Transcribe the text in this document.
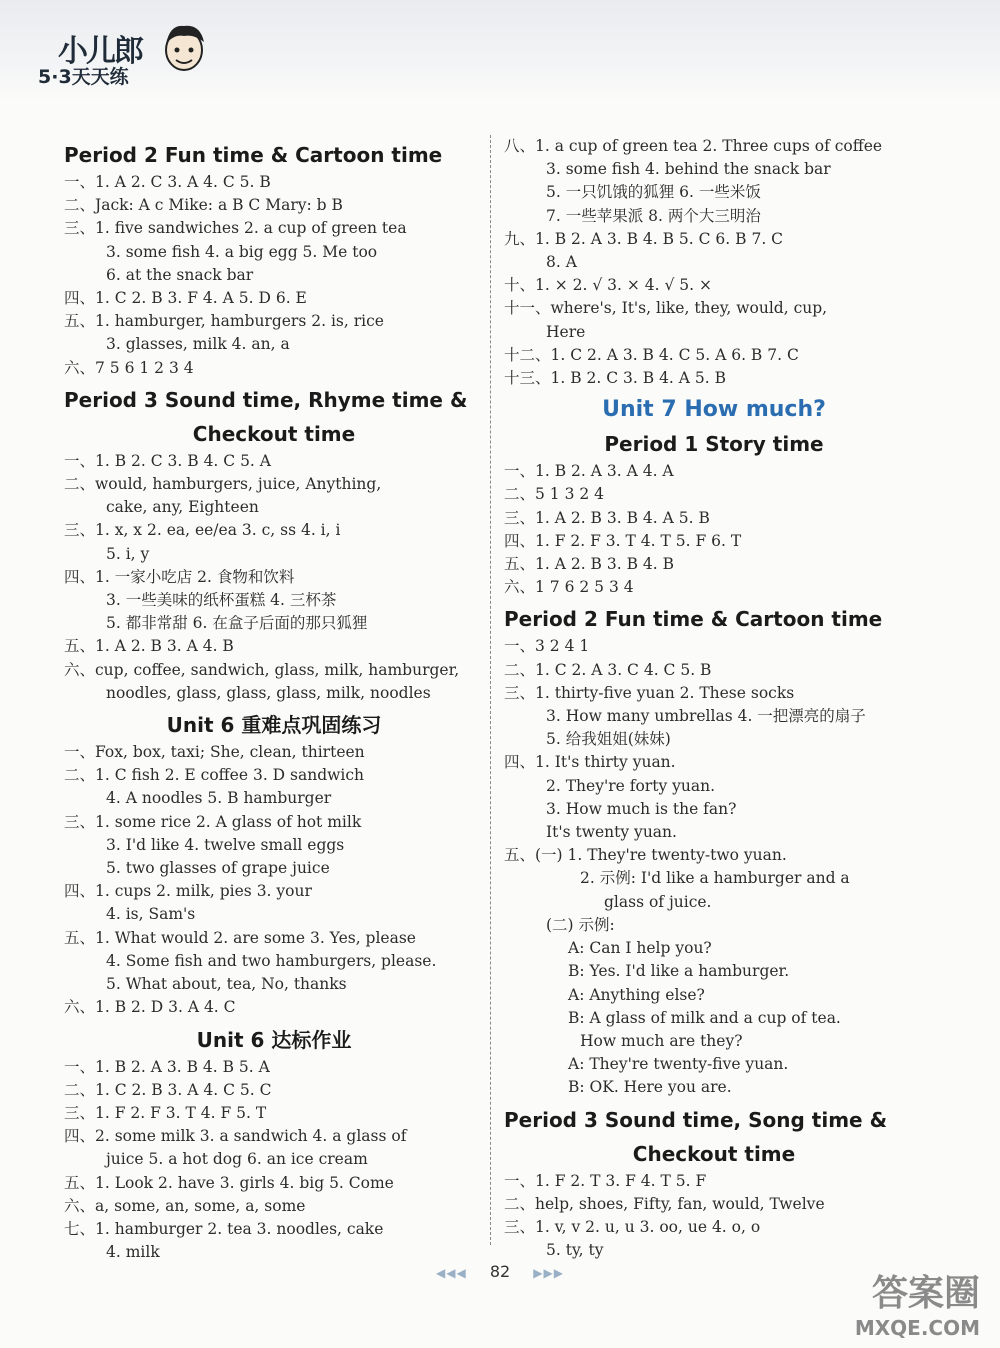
小儿郎
5·3天天练
Period 2 Fun time & Cartoon time
一、1. A 2. C 3. A 4. C 5. B
二、Jack: A c Mike: a B C Mary: b B
三、1. five sandwiches 2. a cup of green tea
3. some fish 4. a big egg 5. Me too
6. at the snack bar
四、1. C 2. B 3. F 4. A 5. D 6. E
五、1. hamburger, hamburgers 2. is, rice
3. glasses, milk 4. an, a
六、7 5 6 1 2 3 4
Period 3 Sound time, Rhyme time &
Checkout time
一、1. B 2. C 3. B 4. C 5. A
二、would, hamburgers, juice, Anything,
cake, any, Eighteen
三、1. x, x 2. ea, ee/ea 3. c, ss 4. i, i
5. i, y
四、1. 一家小吃店 2. 食物和饮料
3. 一些美味的纸杯蛋糕 4. 三杯茶
5. 都非常甜 6. 在盒子后面的那只狐狸
五、1. A 2. B 3. A 4. B
六、cup, coffee, sandwich, glass, milk, hamburger,
noodles, glass, glass, glass, milk, noodles
Unit 6 重难点巩固练习
一、Fox, box, taxi; She, clean, thirteen
二、1. C fish 2. E coffee 3. D sandwich
4. A noodles 5. B hamburger
三、1. some rice 2. A glass of hot milk
3. I'd like 4. twelve small eggs
5. two glasses of grape juice
四、1. cups 2. milk, pies 3. your
4. is, Sam's
五、1. What would 2. are some 3. Yes, please
4. Some fish and two hamburgers, please.
5. What about, tea, No, thanks
六、1. B 2. D 3. A 4. C
Unit 6 达标作业
一、1. B 2. A 3. B 4. B 5. A
二、1. C 2. B 3. A 4. C 5. C
三、1. F 2. F 3. T 4. F 5. T
四、2. some milk 3. a sandwich 4. a glass of
juice 5. a hot dog 6. an ice cream
五、1. Look 2. have 3. girls 4. big 5. Come
六、a, some, an, some, a, some
七、1. hamburger 2. tea 3. noodles, cake
4. milk
八、1. a cup of green tea 2. Three cups of coffee
3. some fish 4. behind the snack bar
5. 一只饥饿的狐狸 6. 一些米饭
7. 一些苹果派 8. 两个大三明治
九、1. B 2. A 3. B 4. B 5. C 6. B 7. C
8. A
十、1. × 2. √ 3. × 4. √ 5. ×
十一、where's, It's, like, they, would, cup,
Here
十二、1. C 2. A 3. B 4. C 5. A 6. B 7. C
十三、1. B 2. C 3. B 4. A 5. B
Unit 7 How much?
Period 1 Story time
一、1. B 2. A 3. A 4. A
二、5 1 3 2 4
三、1. A 2. B 3. B 4. A 5. B
四、1. F 2. F 3. T 4. T 5. F 6. T
五、1. A 2. B 3. B 4. B
六、1 7 6 2 5 3 4
Period 2 Fun time & Cartoon time
一、3 2 4 1
二、1. C 2. A 3. C 4. C 5. B
三、1. thirty-five yuan 2. These socks
3. How many umbrellas 4. 一把漂亮的扇子
5. 给我姐姐(妹妹)
四、1. It's thirty yuan.
2. They're forty yuan.
3. How much is the fan?
It's twenty yuan.
五、(一) 1. They're twenty-two yuan.
2. 示例: I'd like a hamburger and a
glass of juice.
(二) 示例:
A: Can I help you?
B: Yes. I'd like a hamburger.
A: Anything else?
B: A glass of milk and a cup of tea.
How much are they?
A: They're twenty-five yuan.
B: OK. Here you are.
Period 3 Sound time, Song time &
Checkout time
一、1. F 2. T 3. F 4. T 5. F
二、help, shoes, Fifty, fan, would, Twelve
三、1. v, v 2. u, u 3. oo, ue 4. o, o
5. ty, ty
◀◀◀ 82 ▶▶▶	答案圈
MXQE.COM
